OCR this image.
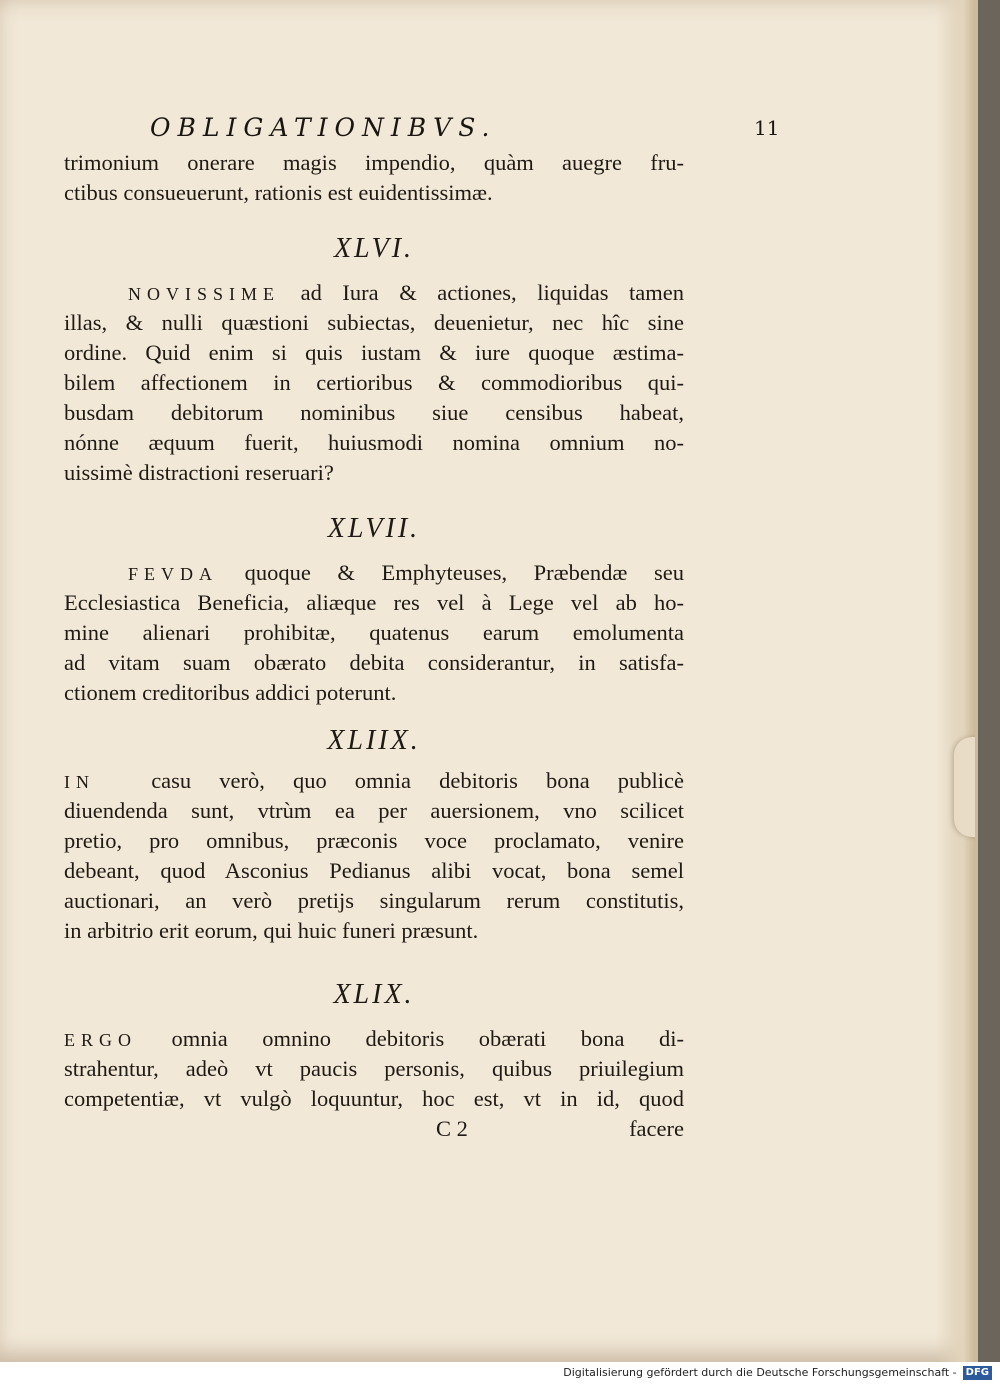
OBLIGATIONIBVS.	11
trimonium onerare magis impendio, quàm auegre fru-
ctibus consueuerunt, rationis est euidentissimæ.
XLVI.
NOVISSIME ad Iura & actiones, liquidas tamen
illas, & nulli quæstioni subiectas, deuenietur, nec hîc sine
ordine. Quid enim si quis iustam & iure quoque æstima-
bilem affectionem in certioribus & commodioribus qui-
busdam debitorum nominibus siue censibus habeat,
nónne æquum fuerit, huiusmodi nomina omnium no-
uissimè distractioni reseruari?
XLVII.
FEVDA quoque & Emphyteuses, Præbendæ seu
Ecclesiastica Beneficia, aliæque res vel à Lege vel ab ho-
mine alienari prohibitæ, quatenus earum emolumenta
ad vitam suam obærato debita considerantur, in satisfa-
ctionem creditoribus addici poterunt.
XLIIX.
IN casu verò, quo omnia debitoris bona publicè
diuendenda sunt, vtrùm ea per auersionem, vno scilicet
pretio, pro omnibus, præconis voce proclamato, venire
debeant, quod Asconius Pedianus alibi vocat, bona semel
auctionari, an verò pretijs singularum rerum constitutis,
in arbitrio erit eorum, qui huic funeri præsunt.
XLIX.
ERGO omnia omnino debitoris obærati bona di-
strahentur, adeò vt paucis personis, quibus priuilegium
competentiæ, vt vulgò loquuntur, hoc est, vt in id, quod
C 2	facere
Digitalisierung gefördert durch die Deutsche Forschungsgemeinschaft - DFG
